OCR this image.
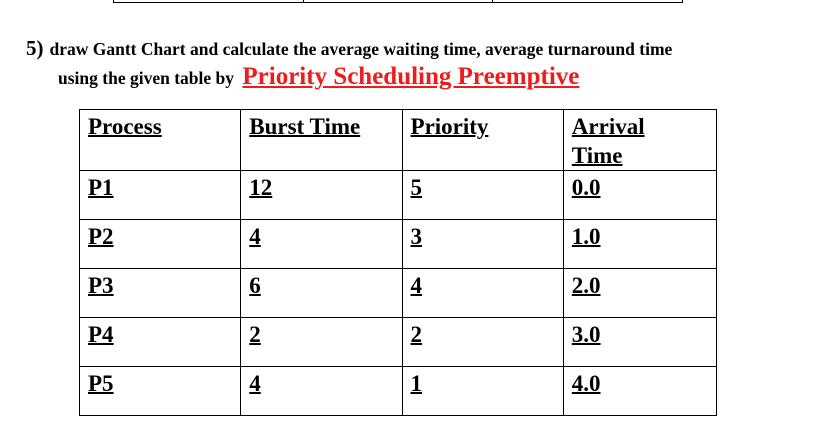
5) draw Gantt Chart and calculate the average waiting time, average turnaround time
using the given table by Priority Scheduling Preemptive
Process	Burst Time	Priority	Arrival
Time
P1	12	5	0.0
P2	4	3	1.0
P3	6	4	2.0
P4	2	2	3.0
P5	4	1	4.0
